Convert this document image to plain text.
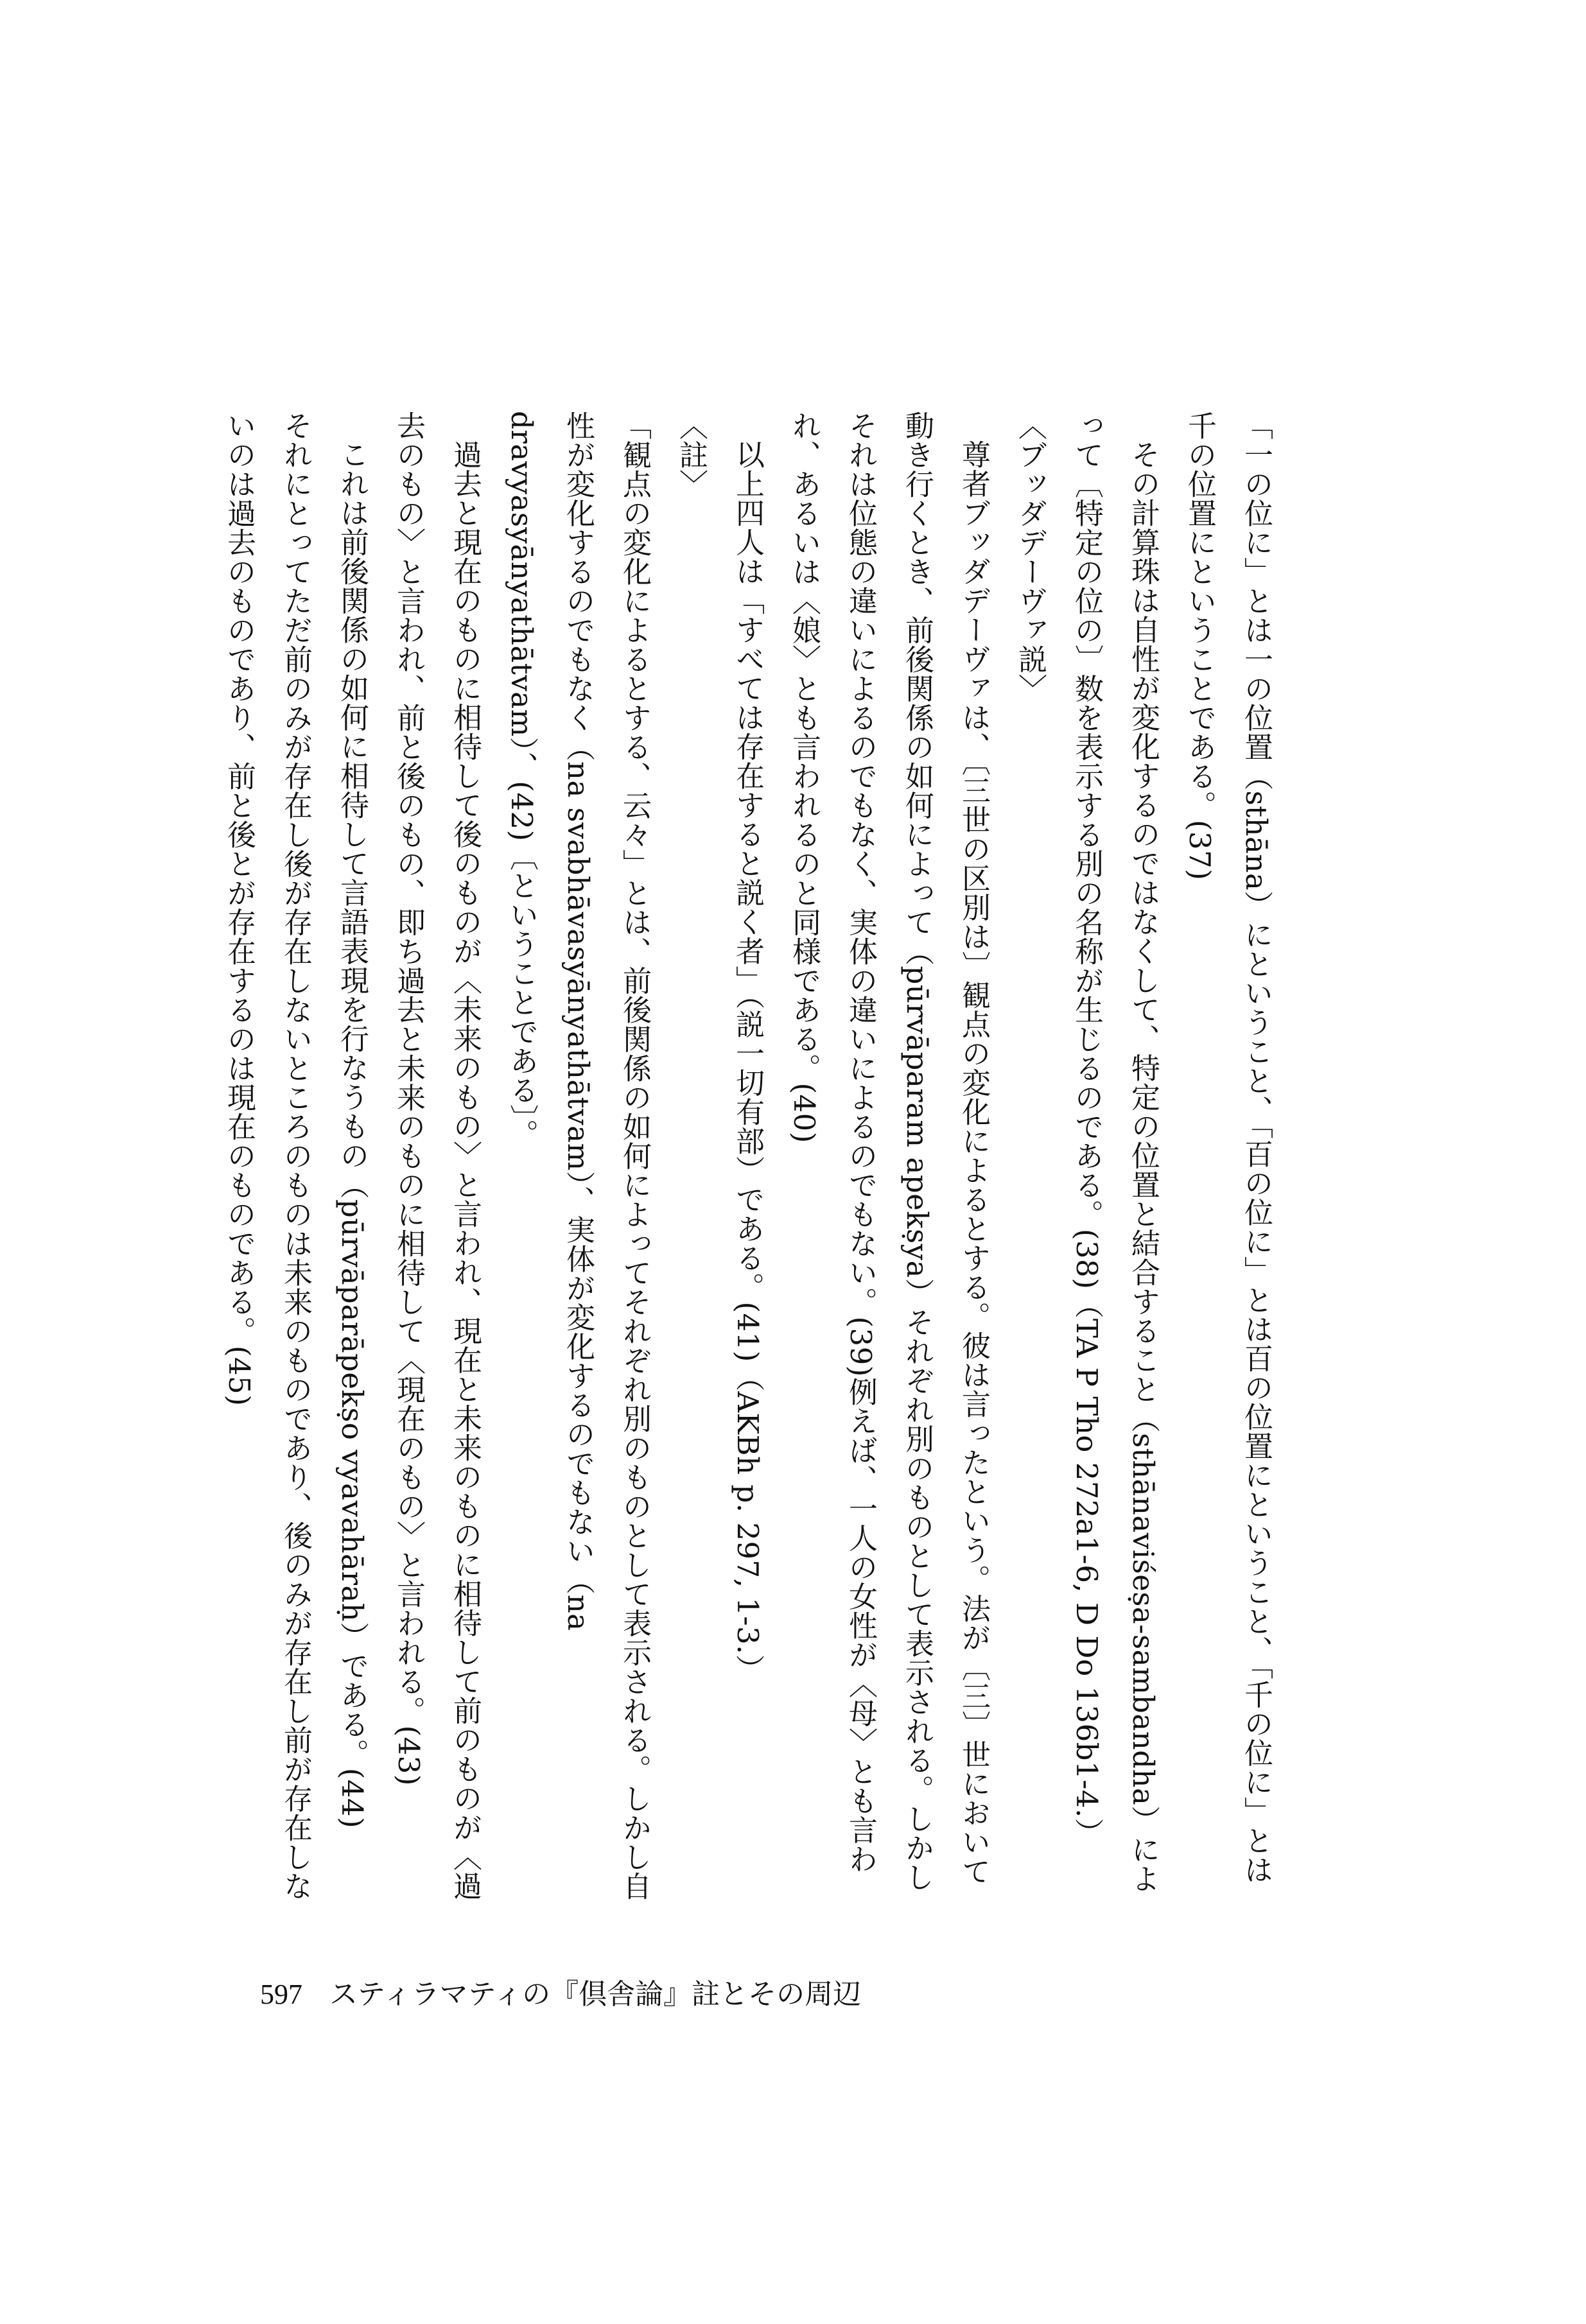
「一の位に」とは一の位置（sthāna）にということ、「百の位に」とは百の位置にということ、「千の位に」とは千の位置にということである。(37)

その計算珠は自性が変化するのではなくして、特定の位置と結合すること（sthānaviśeṣa-sambandha）によって〔特定の位の〕数を表示する別の名称が生じるのである。(38)（TA P Tho 272a1-6, D Do 136b1-4.）

〈ブッダデーヴァ説〉

尊者ブッダデーヴァは、〔三世の区別は〕観点の変化によるとする。彼は言ったという。法が〔三〕世において動き行くとき、前後関係の如何によって（pūrvāparam apekṣya）それぞれ別のものとして表示される。しかしそれは位態の違いによるのでもなく、実体の違いによるのでもない。(39)例えば、一人の女性が〈母〉とも言われ、あるいは〈娘〉とも言われるのと同様である。(40)

以上四人は「すべては存在すると説く者」（説一切有部）である。(41)（AKBh p. 297, 1-3.）

〈註〉

「観点の変化によるとする、云々」とは、前後関係の如何によってそれぞれ別のものとして表示される。しかし自性が変化するのでもなく（na svabhāvasyānyathātvam）、実体が変化するのでもない（na dravyasyānyathātvam）、(42)〔ということである〕。

過去と現在のものに相待して後のものが〈未来のもの〉と言われ、現在と未来のものに相待して前のものが〈過去のもの〉と言われ、前と後のもの、即ち過去と未来のものに相待して〈現在のもの〉と言われる。(43)

これは前後関係の如何に相待して言語表現を行なうもの（pūrvāparāpekṣo vyavahāraḥ）である。(44)

それにとってただ前のみが存在し後が存在しないところのものは未来のものであり、後のみが存在し前が存在しないのは過去のものであり、前と後とが存在するのは現在のものである。(45)

597 スティラマティの『倶舎論』註とその周辺
